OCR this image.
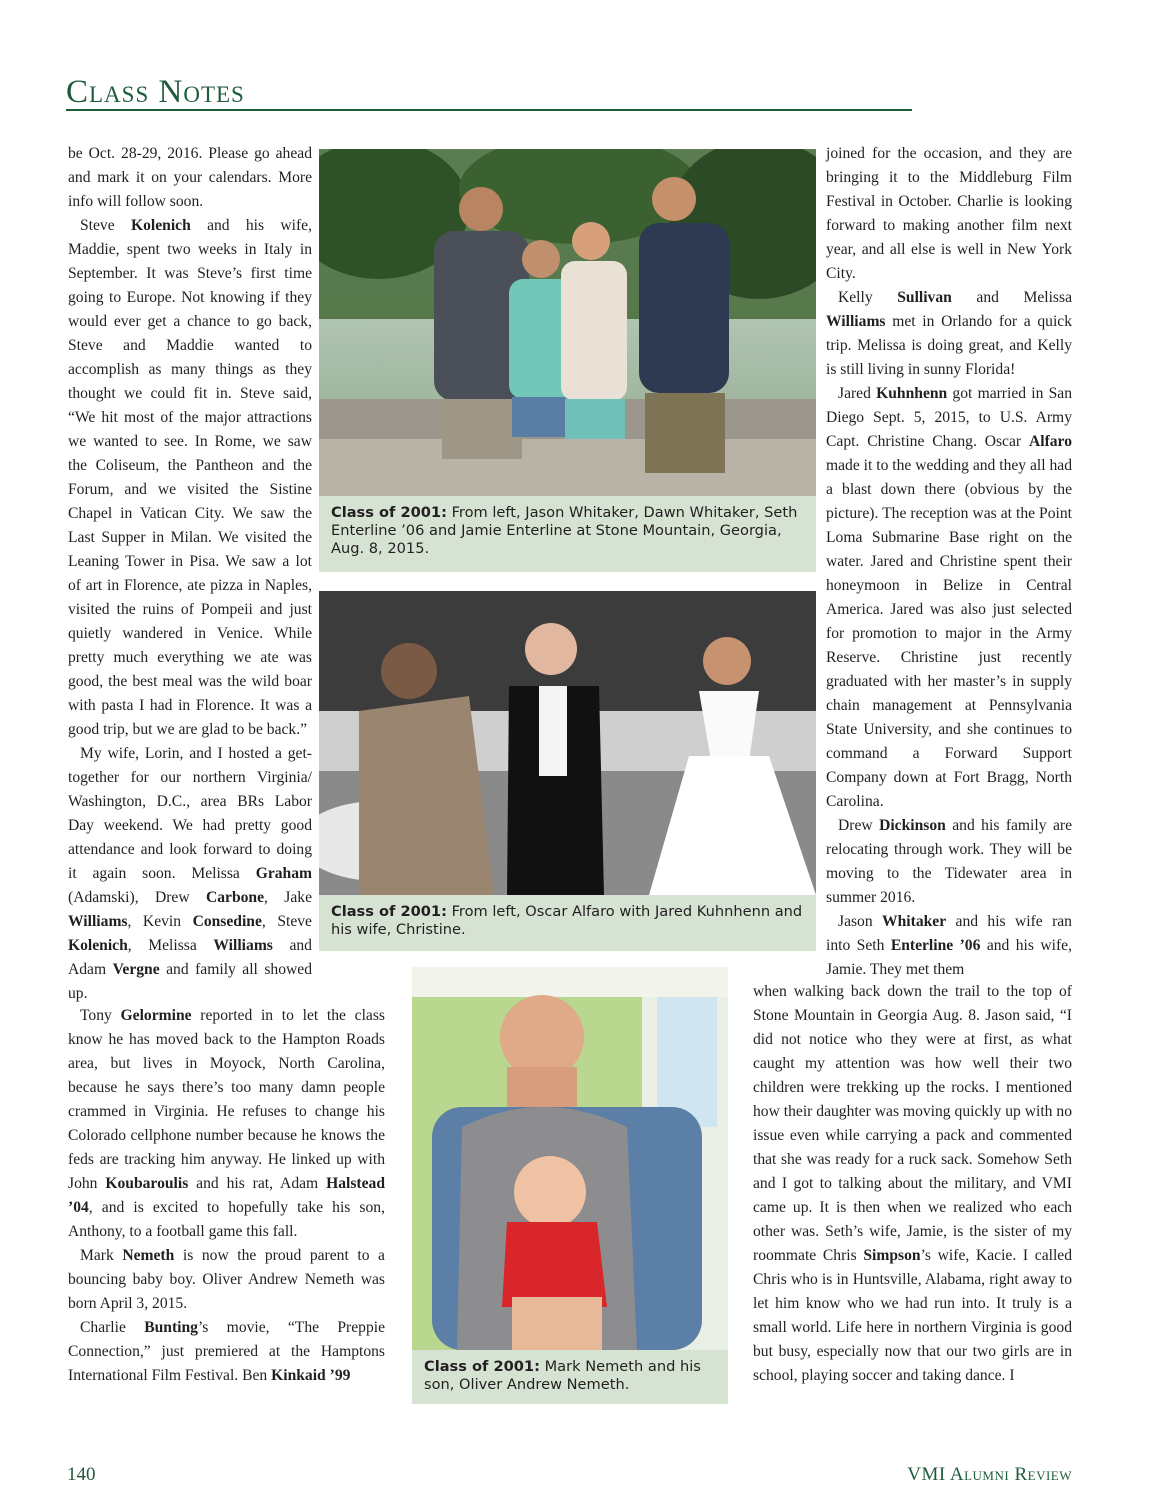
Class Notes

be Oct. 28-29, 2016. Please go ahead and mark it on your calendars. More info will follow soon.

Steve Kolenich and his wife, Maddie, spent two weeks in Italy in September. It was Steve’s first time going to Europe. Not knowing if they would ever get a chance to go back, Steve and Maddie wanted to accomplish as many things as they thought we could fit in. Steve said, “We hit most of the major attractions we wanted to see. In Rome, we saw the Coliseum, the Pantheon and the Forum, and we visited the Sistine Chapel in Vatican City. We saw the Last Supper in Milan. We visited the Leaning Tower in Pisa. We saw a lot of art in Florence, ate pizza in Naples, visited the ruins of Pompeii and just quietly wandered in Venice. While pretty much everything we ate was good, the best meal was the wild boar with pasta I had in Florence. It was a good trip, but we are glad to be back.”

My wife, Lorin, and I hosted a get-together for our northern Virginia/ Washington, D.C., area BRs Labor Day weekend. We had pretty good attendance and look forward to doing it again soon. Melissa Graham (Adamski), Drew Carbone, Jake Williams, Kevin Consedine, Steve Kolenich, Melissa Williams and Adam Vergne and family all showed up.

Tony Gelormine reported in to let the class know he has moved back to the Hampton Roads area, but lives in Moyock, North Carolina, because he says there’s too many damn people crammed in Virginia. He refuses to change his Colorado cellphone number because he knows the feds are tracking him anyway. He linked up with John Koubaroulis and his rat, Adam Halstead ’04, and is excited to hopefully take his son, Anthony, to a football game this fall.

Mark Nemeth is now the proud parent to a bouncing baby boy. Oliver Andrew Nemeth was born April 3, 2015.

Charlie Bunting’s movie, “The Preppie Connection,” just premiered at the Hamptons International Film Festival. Ben Kinkaid ’99

joined for the occasion, and they are bringing it to the Middleburg Film Festival in October. Charlie is looking forward to making another film next year, and all else is well in New York City.

Kelly Sullivan and Melissa Williams met in Orlando for a quick trip. Melissa is doing great, and Kelly is still living in sunny Florida!

Jared Kuhnhenn got married in San Diego Sept. 5, 2015, to U.S. Army Capt. Christine Chang. Oscar Alfaro made it to the wedding and they all had a blast down there (obvious by the picture). The reception was at the Point Loma Submarine Base right on the water. Jared and Christine spent their honeymoon in Belize in Central America. Jared was also just selected for promotion to major in the Army Reserve. Christine just recently graduated with her master’s in supply chain management at Pennsylvania State University, and she continues to command a Forward Support Company down at Fort Bragg, North Carolina.

Drew Dickinson and his family are relocating through work. They will be moving to the Tidewater area in summer 2016.

Jason Whitaker and his wife ran into Seth Enterline ’06 and his wife, Jamie. They met them

when walking back down the trail to the top of Stone Mountain in Georgia Aug. 8. Jason said, “I did not notice who they were at first, as what caught my attention was how well their two children were trekking up the rocks. I mentioned how their daughter was moving quickly up with no issue even while carrying a pack and commented that she was ready for a ruck sack. Somehow Seth and I got to talking about the military, and VMI came up. It is then when we realized who each other was. Seth’s wife, Jamie, is the sister of my roommate Chris Simpson’s wife, Kacie. I called Chris who is in Huntsville, Alabama, right away to let him know who we had run into. It truly is a small world. Life here in northern Virginia is good but busy, especially now that our two girls are in school, playing soccer and taking dance. I

Class of 2001: From left, Jason Whitaker, Dawn Whitaker, Seth Enterline ’06 and Jamie Enterline at Stone Mountain, Georgia, Aug. 8, 2015.
Class of 2001: From left, Oscar Alfaro with Jared Kuhnhenn and his wife, Christine.
Class of 2001: Mark Nemeth and his son, Oliver Andrew Nemeth.
140	VMI Alumni Review
